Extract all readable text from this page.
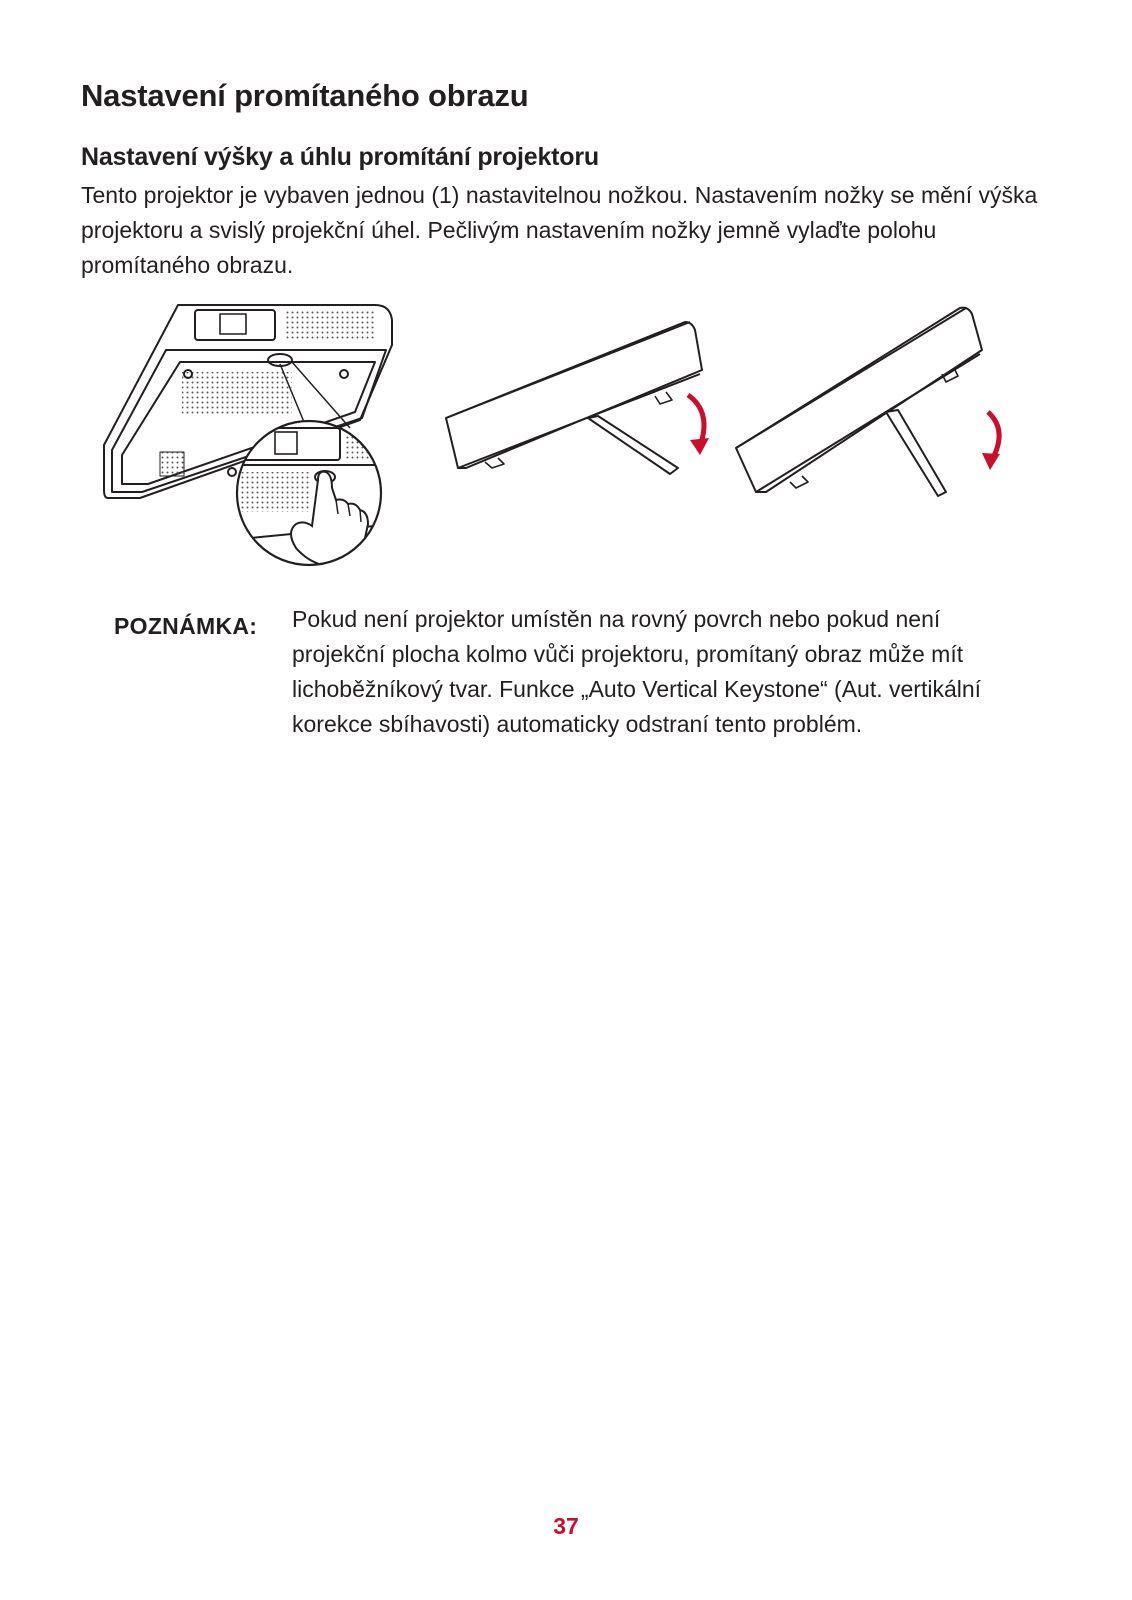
Nastavení promítaného obrazu
Nastavení výšky a úhlu promítání projektoru

Tento projektor je vybaven jednou (1) nastavitelnou nožkou. Nastavením nožky se mění výška projektoru a svislý projekční úhel. Pečlivým nastavením nožky jemně vylaďte polohu promítaného obrazu.

POZNÁMKA: Pokud není projektor umístěn na rovný povrch nebo pokud není projekční plocha kolmo vůči projektoru, promítaný obraz může mít lichoběžníkový tvar. Funkce „Auto Vertical Keystone“ (Aut. vertikální korekce sbíhavosti) automaticky odstraní tento problém.

37
